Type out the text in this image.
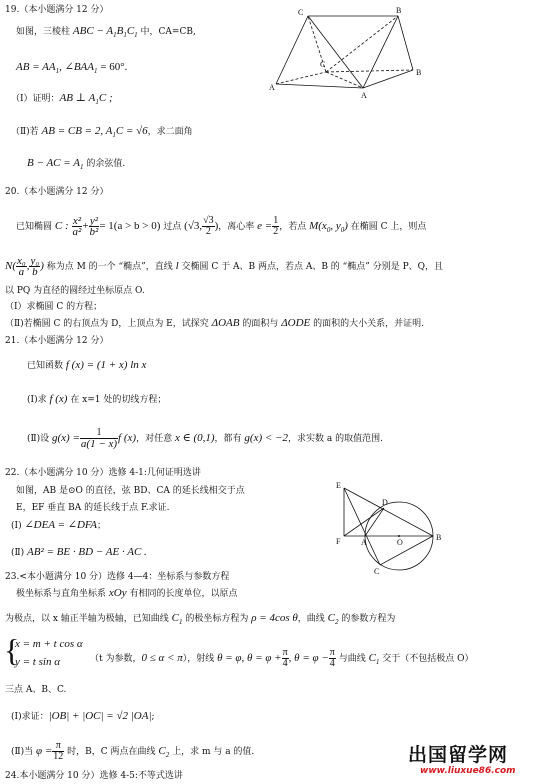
19.（本小题满分 12 分）
如图，三棱柱 ABC − $A_1B_1C_1$ 中，CA=CB,
AB = $AA_1$, $\angle BAA_1 = 60^\circ$.
（Ⅰ）证明：AB ⊥ $A_1C$ ;
（Ⅱ)若 AB = CB = 2, $A_1C = √6$，求二面角
B − AC = $A_1$ 的余弦值.
C	B
C
A
A
B
20.（本小题满分 12 分）
已知椭圆 C : $\frac{\text{x²}}{\text{a²}} + \frac{\text{y²}}{\text{b²}} = 1(a > b > 0)$ 过点 (√3, $\frac{√3}{2}$ )，离心率 $e = \frac{1}{2}$ ，若点 $M(x_0$, $y_0$) 在椭圆 C 上，则点
$N( \frac{\text{x₀}}{a}$ , $\frac{\text{y₀}}{b}$ ) 称为点 M 的一个 “椭点”，直线 l 交椭圆 C 于 A、B 两点，若点 A、B 的 “椭点” 分别是 P、Q，且
以 PQ 为直径的圆经过坐标原点 O.
（Ⅰ）求椭圆 C 的方程；
（Ⅱ)若椭圆 C 的右顶点为 D，上顶点为 E，试探究 ΔOAB 的面积与 ΔODE 的面积的大小关系，并证明.
21.（本小题满分 12 分）
已知函数 f (x) = (1 + x) ln x
(Ⅰ)求 f (x) 在 x=1 处的切线方程；
(Ⅱ)设 $g(x) = \frac{1}{a(1 - x)}$ f (x)，对任意 x ∈ (0,1)，都有 g(x) < −2，求实数 a 的取值范围.
22.（本小题满分 10 分）选修 4-1:几何证明选讲
如图，AB 是⊙O 的直径，弦 BD、CA 的延长线相交于点
E，EF 垂直 BA 的延长线于点 F.求证.
(Ⅰ) ∠DEA = ∠DFA；
(Ⅱ) AB² = BE · BD − AE · AC .
E
D
F	A	O
B
C
23.<本小题满分 10 分）选修 4—4：坐标系与参数方程
极坐标系与直角坐标系 xOy 有相同的长度单位，以原点
为极点，以 x 轴正半轴为极轴，已知曲线 $C_1$ 的极坐标方程为 ρ = 4cos θ，曲线 $C_2$ 的参数方程为
{
x = m + t cos α
y = t sin α	（t 为参数，0 ≤ α < π），射线 θ = φ, $\theta = \varphi + \frac{\pi}{4}$ , $\theta = \varphi - \frac{\pi}{4}$ 与曲线 $C_1$ 交于（不包括极点 O）
三点 A、B、C.
(Ⅰ)求证：|OB| + |OC| = √2 |OA|;
(Ⅱ)当 $\varphi = \frac{\pi}{12}$ 时，B，C 两点在曲线 $C_2$ 上，求 m 与 a 的值.
24.本小题满分 10 分）选修 4-5:不等式选讲
出国留学网
www.liuxue86.com
